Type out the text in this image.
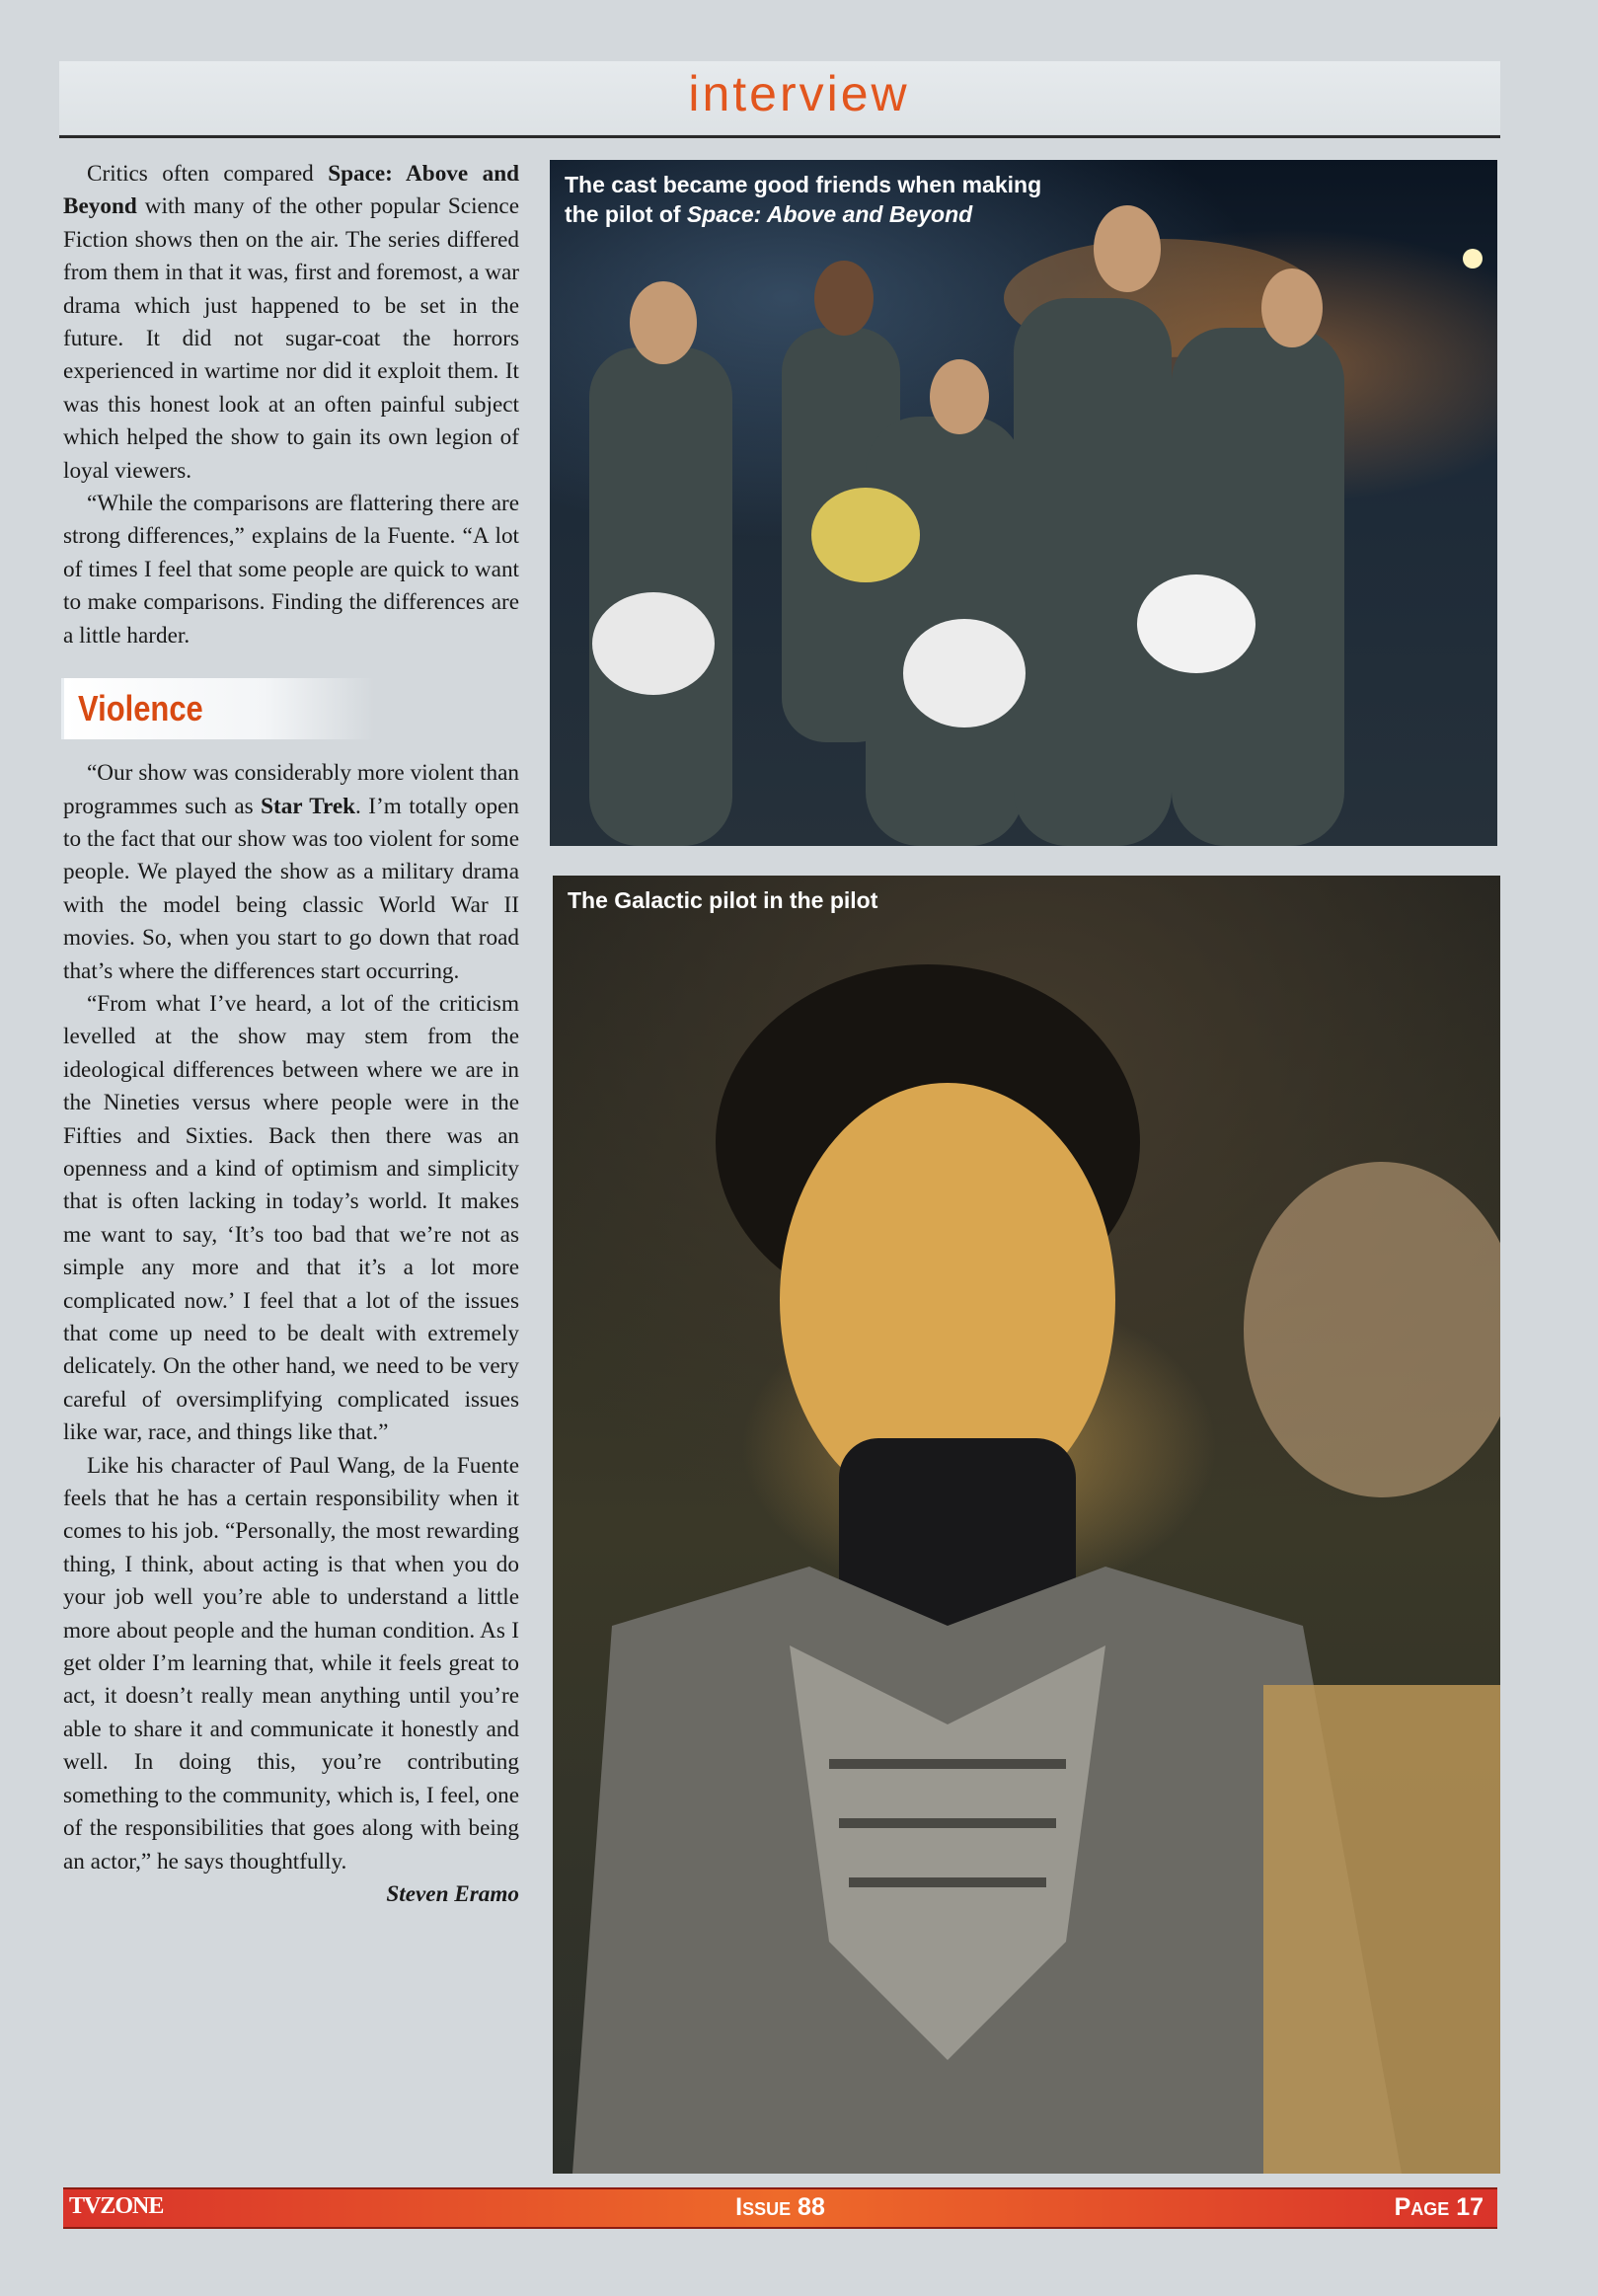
interview

Critics often compared Space: Above and Beyond with many of the other popular Science Fiction shows then on the air. The series differed from them in that it was, first and foremost, a war drama which just happened to be set in the future. It did not sugar-coat the horrors experienced in wartime nor did it exploit them. It was this honest look at an often painful subject which helped the show to gain its own legion of loyal viewers.

“While the comparisons are flattering there are strong differences,” explains de la Fuente. “A lot of times I feel that some people are quick to want to make comparisons. Finding the differences are a little harder.

Violence

“Our show was considerably more violent than programmes such as Star Trek. I’m totally open to the fact that our show was too violent for some people. We played the show as a military drama with the model being classic World War II movies. So, when you start to go down that road that’s where the differences start occurring.

“From what I’ve heard, a lot of the criticism levelled at the show may stem from the ideological differences between where we are in the Nineties versus where people were in the Fifties and Sixties. Back then there was an openness and a kind of optimism and simplicity that is often lacking in today’s world. It makes me want to say, ‘It’s too bad that we’re not as simple any more and that it’s a lot more complicated now.’ I feel that a lot of the issues that come up need to be dealt with extremely delicately. On the other hand, we need to be very careful of oversimplifying complicated issues like war, race, and things like that.”

Like his character of Paul Wang, de la Fuente feels that he has a certain responsibility when it comes to his job. “Personally, the most rewarding thing, I think, about acting is that when you do your job well you’re able to understand a little more about people and the human condition. As I get older I’m learning that, while it feels great to act, it doesn’t really mean anything until you’re able to share it and communicate it honestly and well. In doing this, you’re contributing something to the community, which is, I feel, one of the responsibilities that goes along with being an actor,” he says thoughtfully.

Steven Eramo

The cast became good friends when making
the pilot of Space: Above and Beyond
The Galactic pilot in the pilot
TVZONE	Issue 88	Page 17
